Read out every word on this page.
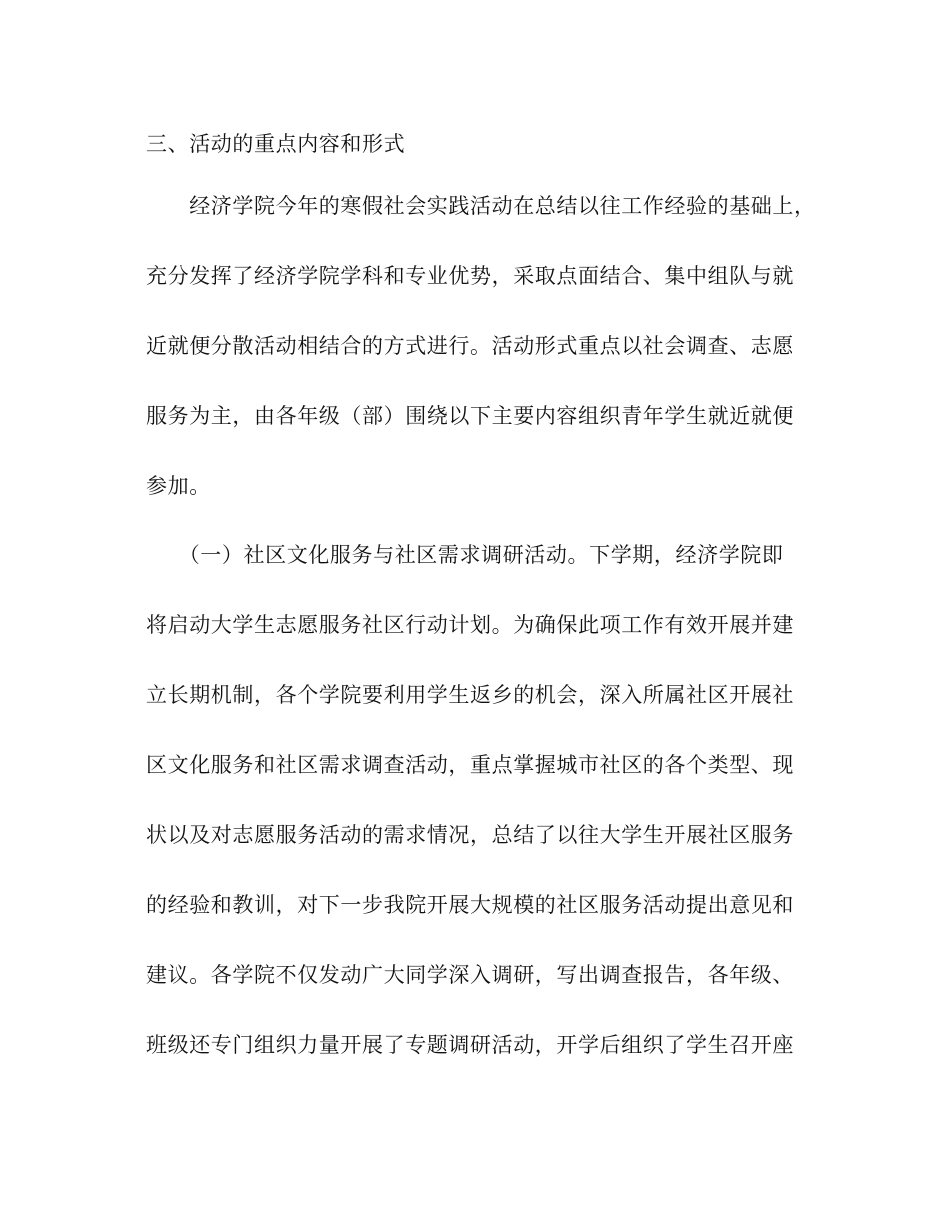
三、活动的重点内容和形式
　　经济学院今年的寒假社会实践活动在总结以往工作经验的基础上，
充分发挥了经济学院学科和专业优势，采取点面结合、集中组队与就
近就便分散活动相结合的方式进行。活动形式重点以社会调查、志愿
服务为主，由各年级（部）围绕以下主要内容组织青年学生就近就便
参加。
　　（一）社区文化服务与社区需求调研活动。下学期，经济学院即
将启动大学生志愿服务社区行动计划。为确保此项工作有效开展并建
立长期机制，各个学院要利用学生返乡的机会，深入所属社区开展社
区文化服务和社区需求调查活动，重点掌握城市社区的各个类型、现
状以及对志愿服务活动的需求情况，总结了以往大学生开展社区服务
的经验和教训，对下一步我院开展大规模的社区服务活动提出意见和
建议。各学院不仅发动广大同学深入调研，写出调查报告，各年级、
班级还专门组织力量开展了专题调研活动，开学后组织了学生召开座
